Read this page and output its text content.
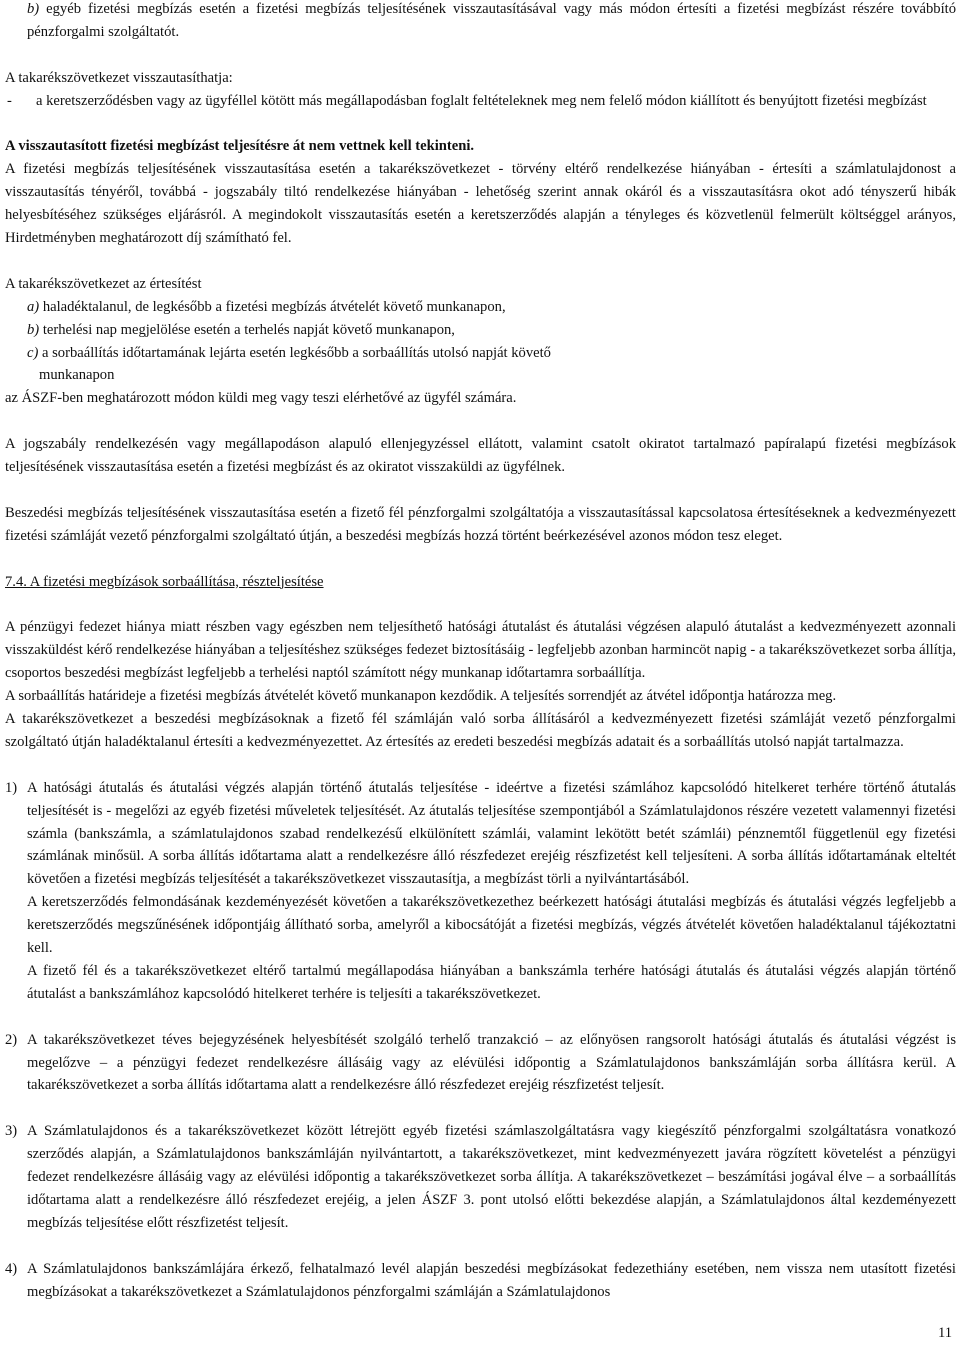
b) egyéb fizetési megbízás esetén a fizetési megbízás teljesítésének visszautasításával vagy más módon értesíti a fizetési megbízást részére továbbító pénzforgalmi szolgáltatót.

A takarékszövetkezet visszautasíthatja:

-	a keretszerződésben vagy az ügyféllel kötött más megállapodásban foglalt feltételeknek meg nem felelő módon kiállított és benyújtott fizetési megbízást

A visszautasított fizetési megbízást teljesítésre át nem vettnek kell tekinteni.

A fizetési megbízás teljesítésének visszautasítása esetén a takarékszövetkezet - törvény eltérő rendelkezése hiányában - értesíti a számlatulajdonost a visszautasítás tényéről, továbbá - jogszabály tiltó rendelkezése hiányában - lehetőség szerint annak okáról és a visszautasításra okot adó tényszerű hibák helyesbítéséhez szükséges eljárásról. A megindokolt visszautasítás esetén a keretszerződés alapján a tényleges és közvetlenül felmerült költséggel arányos, Hirdetményben meghatározott díj számítható fel.

A takarékszövetkezet az értesítést

a) haladéktalanul, de legkésőbb a fizetési megbízás átvételét követő munkanapon,

b) terhelési nap megjelölése esetén a terhelés napját követő munkanapon,

c) a sorbaállítás időtartamának lejárta esetén legkésőbb a sorbaállítás utolsó napját követő

munkanapon

az ÁSZF-ben meghatározott módon küldi meg vagy teszi elérhetővé az ügyfél számára.

A jogszabály rendelkezésén vagy megállapodáson alapuló ellenjegyzéssel ellátott, valamint csatolt okiratot tartalmazó papíralapú fizetési megbízások teljesítésének visszautasítása esetén a fizetési megbízást és az okiratot visszaküldi az ügyfélnek.

Beszedési megbízás teljesítésének visszautasítása esetén a fizető fél pénzforgalmi szolgáltatója a visszautasítással kapcsolatosa értesítéseknek a kedvezményezett fizetési számláját vezető pénzforgalmi szolgáltató útján, a beszedési megbízás hozzá történt beérkezésével azonos módon tesz eleget.

7.4. A fizetési megbízások sorbaállítása, részteljesítése

A pénzügyi fedezet hiánya miatt részben vagy egészben nem teljesíthető hatósági átutalást és átutalási végzésen alapuló átutalást a kedvezményezett azonnali visszaküldést kérő rendelkezése hiányában a teljesítéshez szükséges fedezet biztosításáig - legfeljebb azonban harmincöt napig - a takarékszövetkezet sorba állítja, csoportos beszedési megbízást legfeljebb a terhelési naptól számított négy munkanap időtartamra sorbaállítja.

A sorbaállítás határideje a fizetési megbízás átvételét követő munkanapon kezdődik. A teljesítés sorrendjét az átvétel időpontja határozza meg.

A takarékszövetkezet a beszedési megbízásoknak a fizető fél számláján való sorba állításáról a kedvezményezett fizetési számláját vezető pénzforgalmi szolgáltató útján haladéktalanul értesíti a kedvezményezettet. Az értesítés az eredeti beszedési megbízás adatait és a sorbaállítás utolsó napját tartalmazza.

1) A hatósági átutalás és átutalási végzés alapján történő átutalás teljesítése - ideértve a fizetési számlához kapcsolódó hitelkeret terhére történő átutalás teljesítését is - megelőzi az egyéb fizetési műveletek teljesítését. Az átutalás teljesítése szempontjából a Számlatulajdonos részére vezetett valamennyi fizetési számla (bankszámla, a számlatulajdonos szabad rendelkezésű elkülönített számlái, valamint lekötött betét számlái) pénznemtől függetlenül egy fizetési számlának minősül. A sorba állítás időtartama alatt a rendelkezésre álló részfedezet erejéig részfizetést kell teljesíteni. A sorba állítás időtartamának elteltét követően a fizetési megbízás teljesítését a takarékszövetkezet visszautasítja, a megbízást törli a nyilvántartásából.

A keretszerződés felmondásának kezdeményezését követően a takarékszövetkezethez beérkezett hatósági átutalási megbízás és átutalási végzés legfeljebb a keretszerződés megszűnésének időpontjáig állítható sorba, amelyről a kibocsátóját a fizetési megbízás, végzés átvételét követően haladéktalanul tájékoztatni kell.

A fizető fél és a takarékszövetkezet eltérő tartalmú megállapodása hiányában a bankszámla terhére hatósági átutalás és átutalási végzés alapján történő átutalást a bankszámlához kapcsolódó hitelkeret terhére is teljesíti a takarékszövetkezet.

2) A takarékszövetkezet téves bejegyzésének helyesbítését szolgáló terhelő tranzakció – az előnyösen rangsorolt hatósági átutalás és átutalási végzést is megelőzve – a pénzügyi fedezet rendelkezésre állásáig vagy az elévülési időpontig a Számlatulajdonos bankszámláján sorba állításra kerül. A takarékszövetkezet a sorba állítás időtartama alatt a rendelkezésre álló részfedezet erejéig részfizetést teljesít.

3) A Számlatulajdonos és a takarékszövetkezet között létrejött egyéb fizetési számlaszolgáltatásra vagy kiegészítő pénzforgalmi szolgáltatásra vonatkozó szerződés alapján, a Számlatulajdonos bankszámláján nyilvántartott, a takarékszövetkezet, mint kedvezményezett javára rögzített követelést a pénzügyi fedezet rendelkezésre állásáig vagy az elévülési időpontig a takarékszövetkezet sorba állítja. A takarékszövetkezet – beszámítási jogával élve – a sorbaállítás időtartama alatt a rendelkezésre álló részfedezet erejéig, a jelen ÁSZF 3. pont utolsó előtti bekezdése alapján, a Számlatulajdonos által kezdeményezett megbízás teljesítése előtt részfizetést teljesít.

4) A Számlatulajdonos bankszámlájára érkező, felhatalmazó levél alapján beszedési megbízásokat fedezethiány esetében, nem vissza nem utasított fizetési megbízásokat a takarékszövetkezet a Számlatulajdonos pénzforgalmi számláján a Számlatulajdonos

11
